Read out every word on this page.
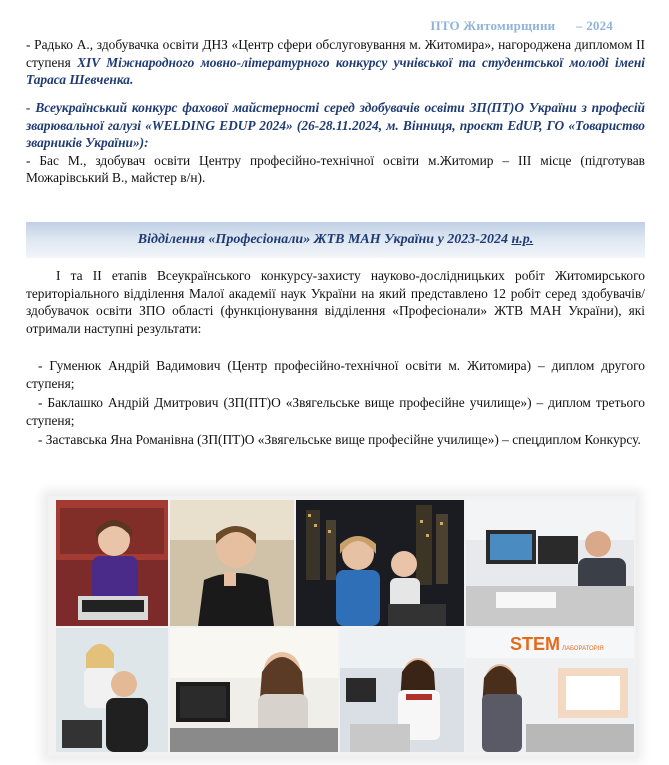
ПТО Житомирщини – 2024
- Радько А., здобувачка освіти ДНЗ «Центр сфери обслуговування м. Житомира», нагороджена дипломом ІІ ступеня XIV Міжнародного мовно-літературного конкурсу учнівської та студентської молоді імені Тараса Шевченка.
- Всеукраїнський конкурс фахової майстерності серед здобувачів освіти ЗП(ПТ)О України з професій зварювальної галузі «WELDING EDUP 2024» (26-28.11.2024, м. Вінниця, проєкт EdUP, ГО «Товариство зварників України»):
- Бас М., здобувач освіти Центру професійно-технічної освіти м.Житомир – ІІІ місце (підготував Можарівський В., майстер в/н).
Відділення «Професіонали» ЖТВ МАН України у 2023-2024 н.р.
І та ІІ етапів Всеукраїнського конкурсу-захисту науково-дослідницьких робіт Житомирського територіального відділення Малої академії наук України на який представлено 12 робіт серед здобувачів/здобувачок освіти ЗПО області (функціонування відділення «Професіонали» ЖТВ МАН України), які отримали наступні результати:
- Гуменюк Андрій Вадимович (Центр професійно-технічної освіти м. Житомира) – диплом другого ступеня;
- Баклашко Андрій Дмитрович (ЗП(ПТ)О «Звягельське вище професійне училище») – диплом третього ступеня;
- Заставська Яна Романівна (ЗП(ПТ)О «Звягельське вище професійне училище») – спецдиплом Конкурсу.
STEM ЛАБОРАТОРІЯ
